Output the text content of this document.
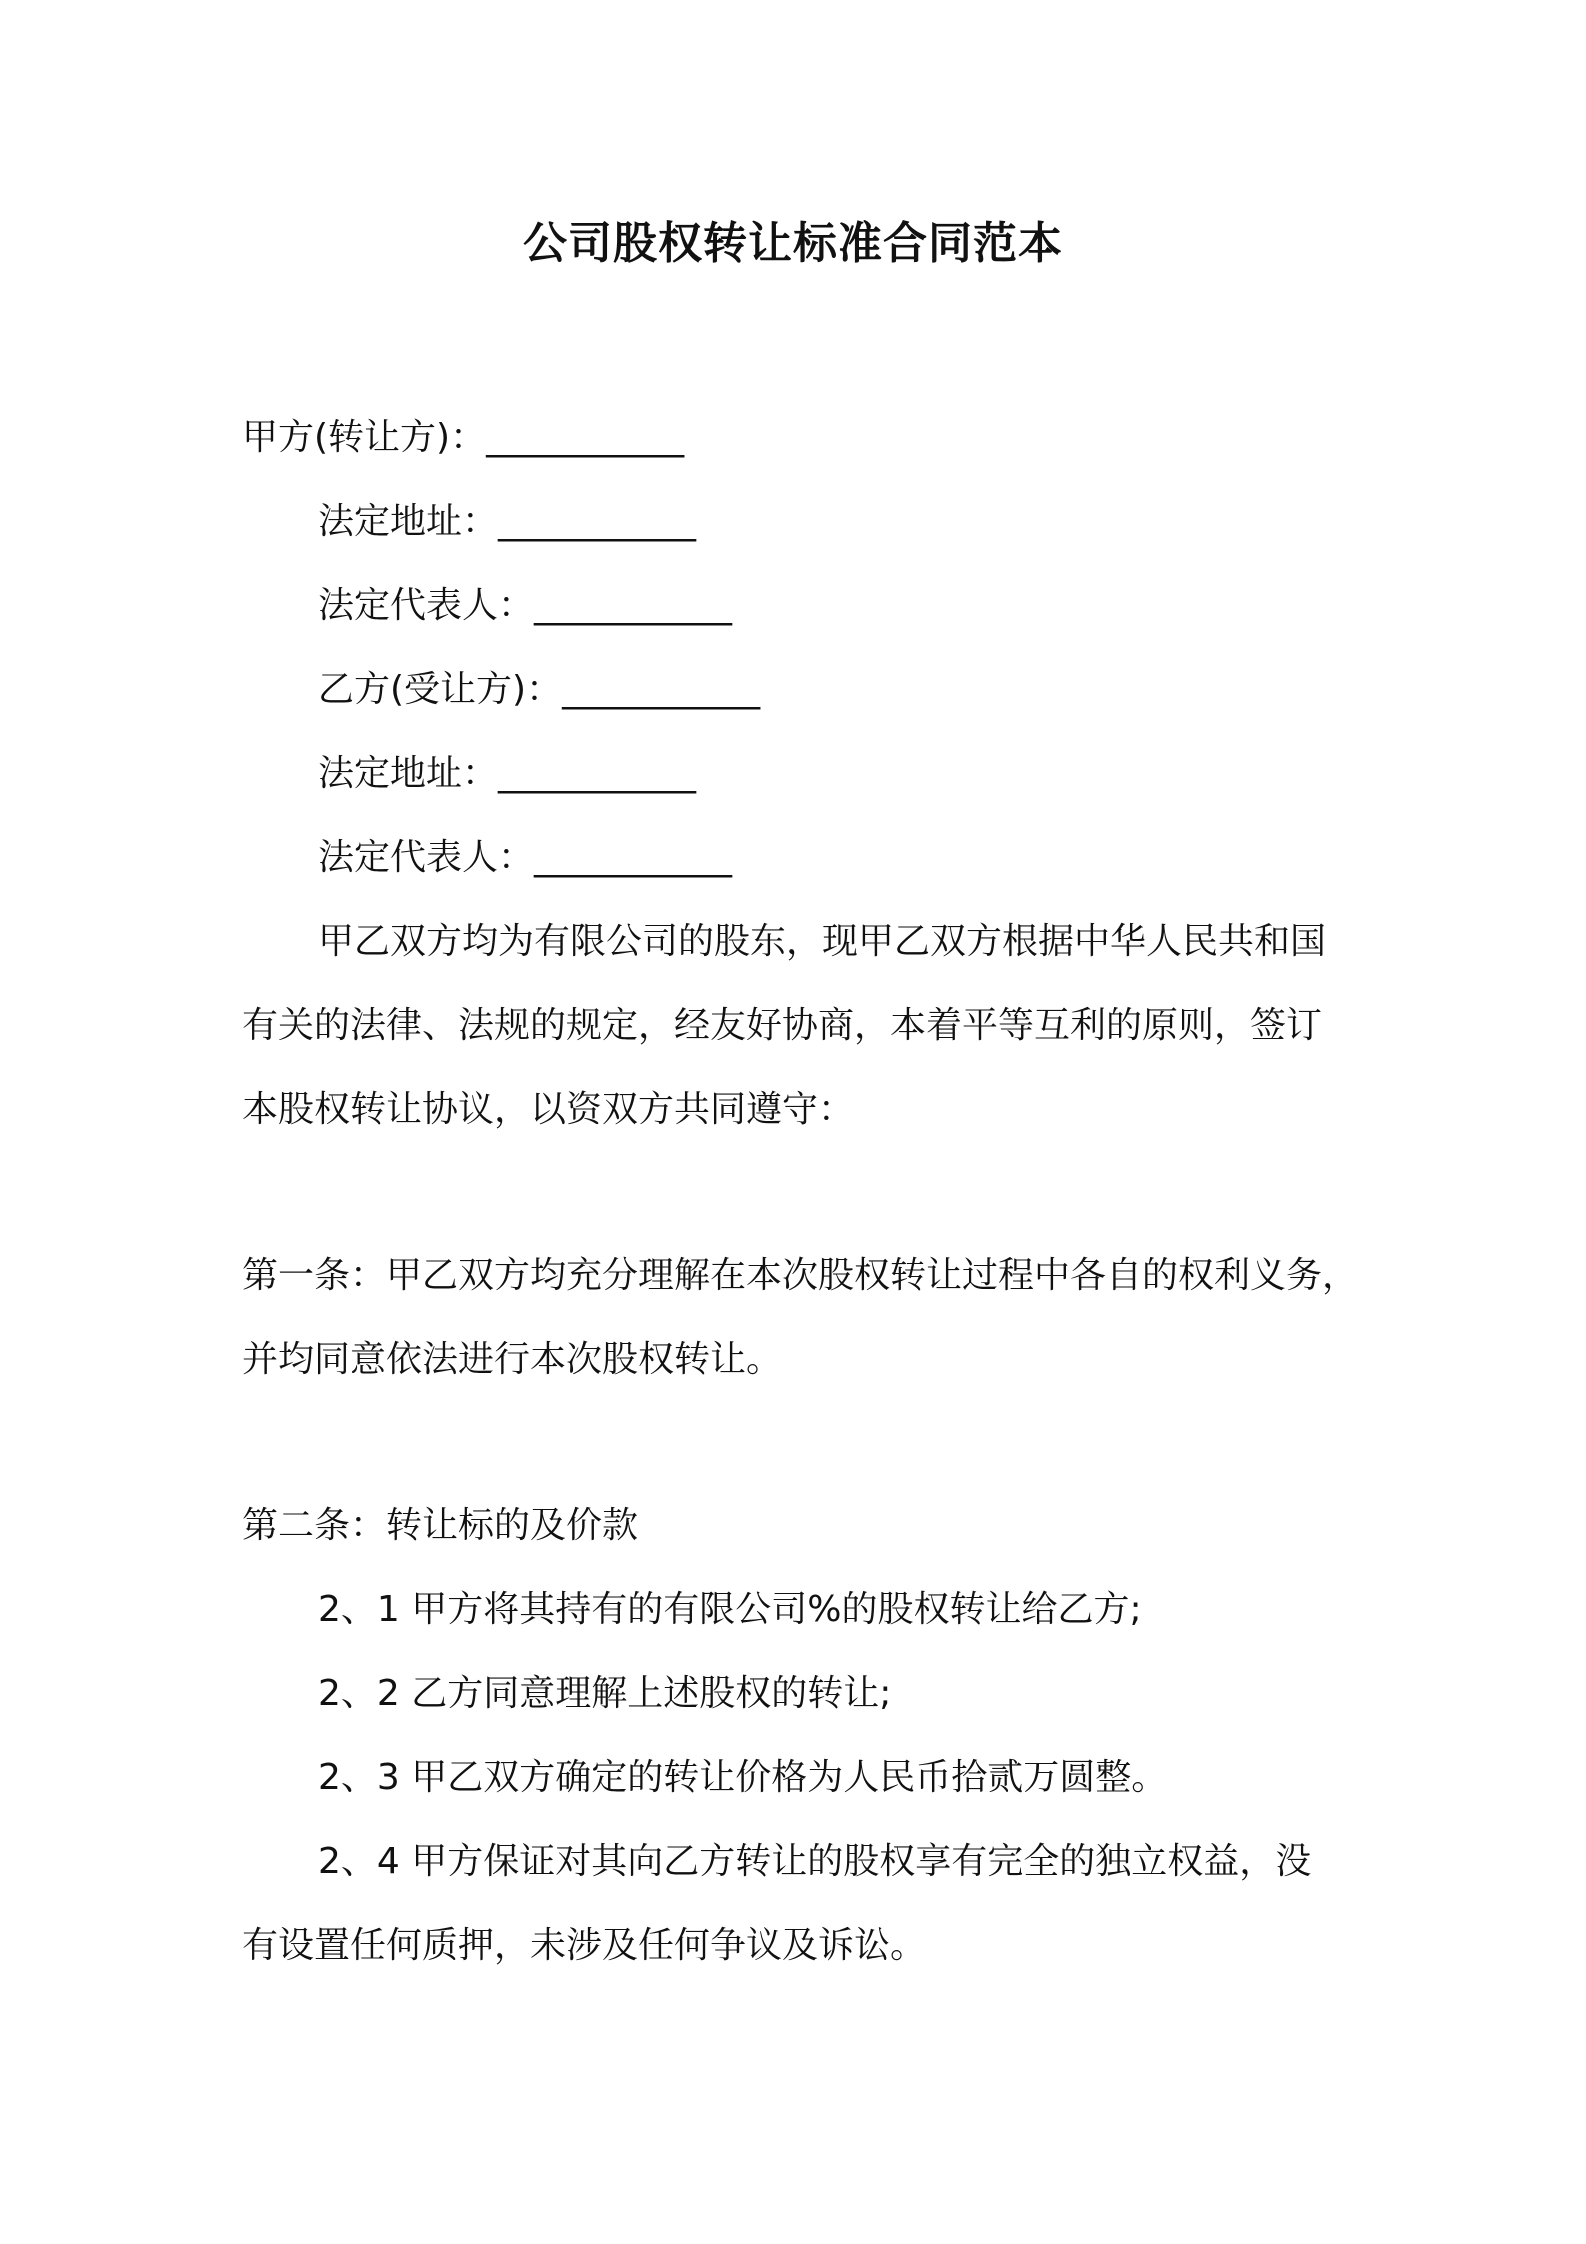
公司股权转让标准合同范本
甲方(转让方)：___________
法定地址：___________
法定代表人：___________
乙方(受让方)：___________
法定地址：___________
法定代表人：___________
甲乙双方均为有限公司的股东，现甲乙双方根据中华人民共和国
有关的法律、法规的规定，经友好协商，本着平等互利的原则，签订
本股权转让协议，以资双方共同遵守：
第一条：甲乙双方均充分理解在本次股权转让过程中各自的权利义务，
并均同意依法进行本次股权转让。
第二条：转让标的及价款
2、1 甲方将其持有的有限公司%的股权转让给乙方;
2、2 乙方同意理解上述股权的转让;
2、3 甲乙双方确定的转让价格为人民币拾贰万圆整。
2、4 甲方保证对其向乙方转让的股权享有完全的独立权益，没
有设置任何质押，未涉及任何争议及诉讼。
